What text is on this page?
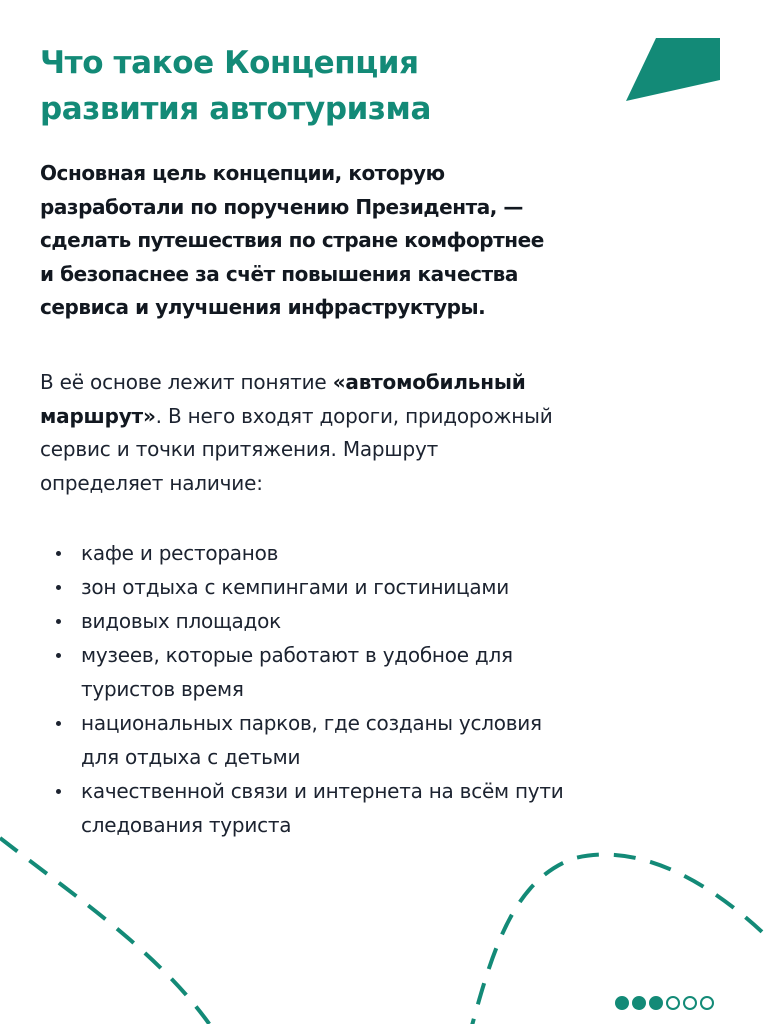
Что такое Концепция
развития автотуризма

Основная цель концепции, которую
разработали по поручению Президента, —
сделать путешествия по стране комфортнее
и безопаснее за счёт повышения качества
сервиса и улучшения инфраструктуры.

В её основе лежит понятие «автомобильный
маршрут». В него входят дороги, придорожный
сервис и точки притяжения. Маршрут
определяет наличие:

кафе и ресторанов
зон отдыха с кемпингами и гостиницами
видовых площадок
музеев, которые работают в удобное для
туристов время
национальных парков, где созданы условия
для отдыха с детьми
качественной связи и интернета на всём пути
следования туриста
